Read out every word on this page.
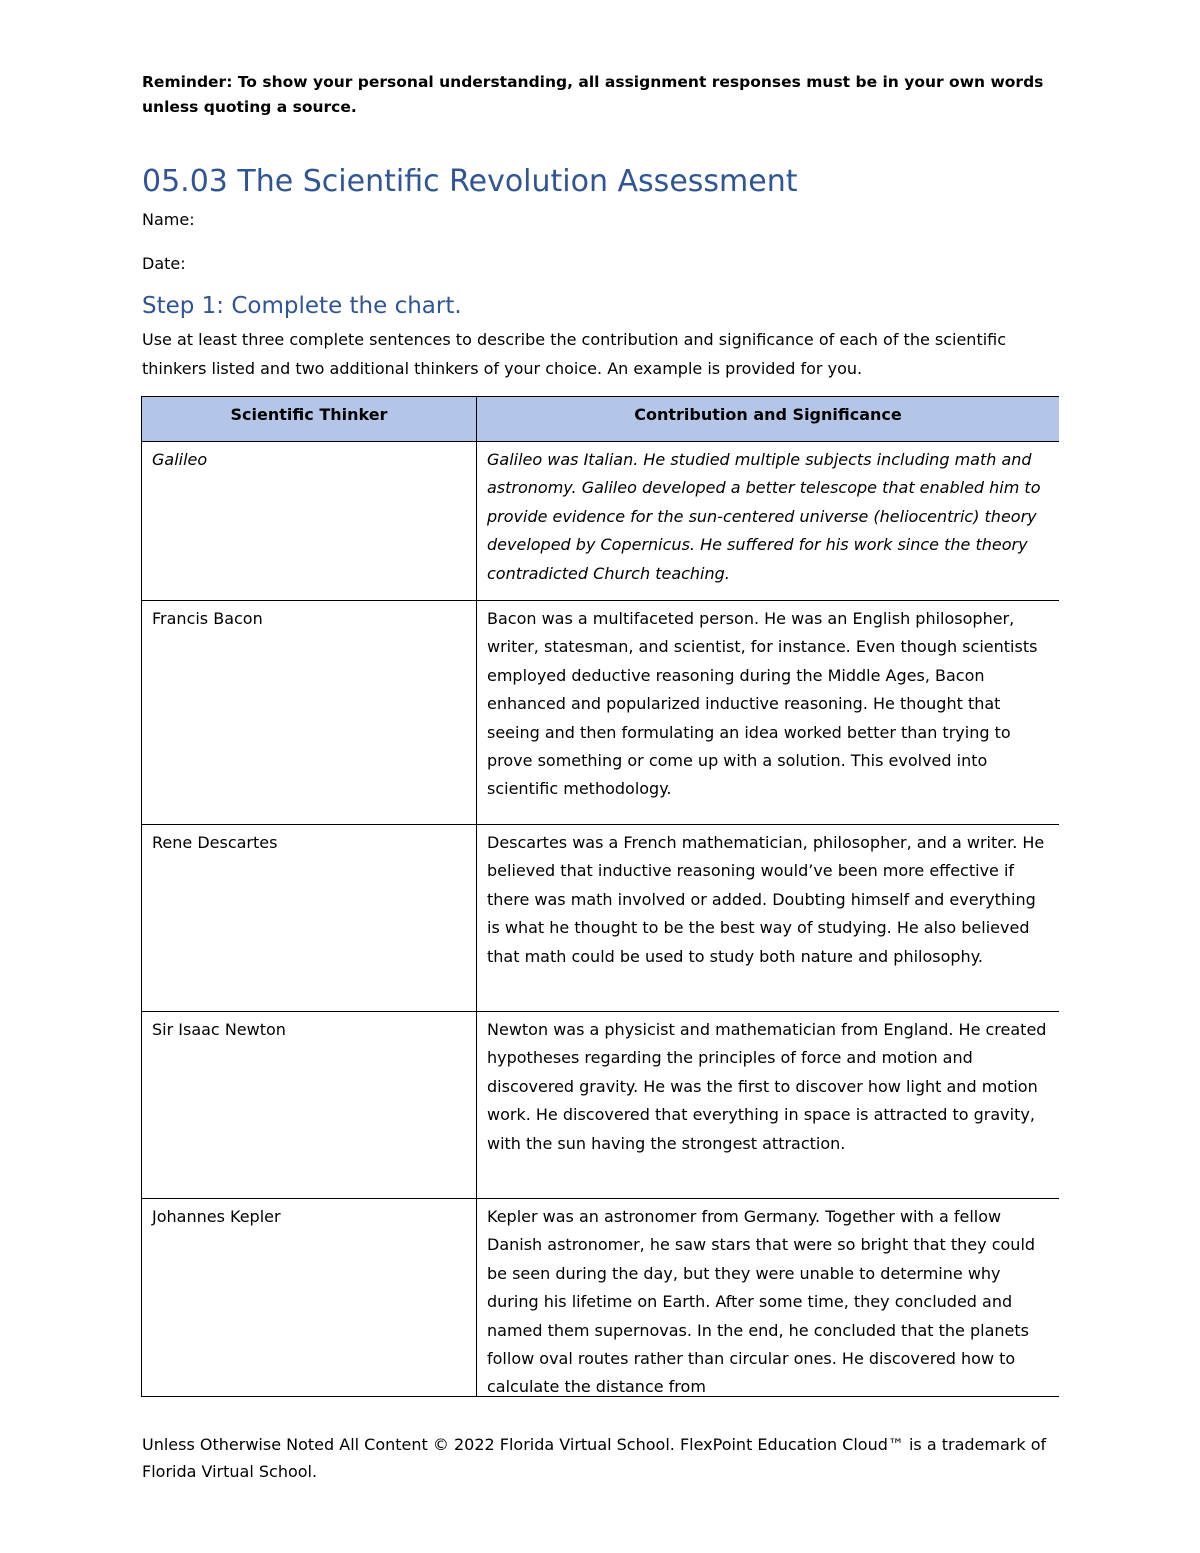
Reminder: To show your personal understanding, all assignment responses must be in your own words unless quoting a source.
05.03 The Scientific Revolution Assessment
Name:
Date:
Step 1: Complete the chart.
Use at least three complete sentences to describe the contribution and significance of each of the scientific thinkers listed and two additional thinkers of your choice. An example is provided for you.
Scientific Thinker	Contribution and Significance
Galileo	Galileo was Italian. He studied multiple subjects including math and astronomy. Galileo developed a better telescope that enabled him to provide evidence for the sun-centered universe (heliocentric) theory developed by Copernicus. He suffered for his work since the theory contradicted Church teaching.
Francis Bacon	Bacon was a multifaceted person. He was an English philosopher, writer, statesman, and scientist, for instance. Even though scientists employed deductive reasoning during the Middle Ages, Bacon enhanced and popularized inductive reasoning. He thought that seeing and then formulating an idea worked better than trying to prove something or come up with a solution. This evolved into scientific methodology.
Rene Descartes	Descartes was a French mathematician, philosopher, and a writer. He believed that inductive reasoning would’ve been more effective if there was math involved or added. Doubting himself and everything is what he thought to be the best way of studying. He also believed that math could be used to study both nature and philosophy.
Sir Isaac Newton	Newton was a physicist and mathematician from England. He created hypotheses regarding the principles of force and motion and discovered gravity. He was the first to discover how light and motion work. He discovered that everything in space is attracted to gravity, with the sun having the strongest attraction.
Johannes Kepler	Kepler was an astronomer from Germany. Together with a fellow Danish astronomer, he saw stars that were so bright that they could be seen during the day, but they were unable to determine why during his lifetime on Earth. After some time, they concluded and named them supernovas. In the end, he concluded that the planets follow oval routes rather than circular ones. He discovered how to calculate the distance from
Unless Otherwise Noted All Content © 2022 Florida Virtual School. FlexPoint Education Cloud™ is a trademark of Florida Virtual School.
